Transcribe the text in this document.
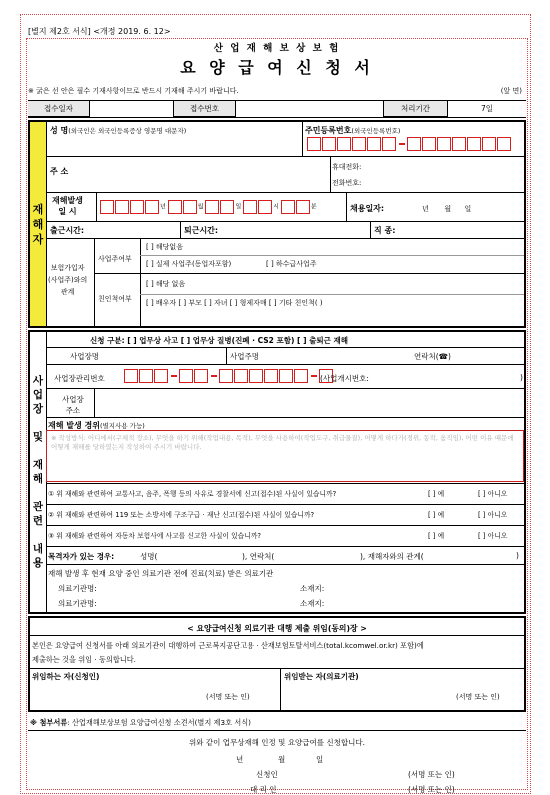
[별지 제2호 서식] <개정 2019. 6. 12>
산 업 재 해 보 상 보 험
요 양 급 여 신 청 서
※ 굵은 선 안은 필수 기재사항이므로 반드시 기재해 주시기 바랍니다.	(앞 면)
접수일자	접수번호	처리기간	7일
재
해
자
성 명(외국인은 외국인등록증상 영문명 대문자)	주민등록번호(외국인등록번호)
주 소	휴대전화:
전화번호:
재해발생
일 시	년	월	일	시	분	채용일자:	년 월 일
출근시간:	퇴근시간:	직 종:
보험가입자
(사업주)와의
관계
사업주여부
[ ] 해당없음
[ ] 실제 사업주(동업자포함)	[ ] 하수급사업주
친인척여부
[ ] 해당 없음
[ ] 배우자 [ ] 부모 [ ] 자녀 [ ] 형제자매 [ ] 기타 친인척( )
사
업
장

및

재
해

관
련

내
용
신청 구분: [ ] 업무상 사고 [ ] 업무상 질병(진폐 · CS2 포함) [ ] 출퇴근 재해
사업장명	사업주명	연락처(☎)
사업장관리번호	(사업개시번호:	)
사업장
주소
재해 발생 경위(별지사용 가능)
※ 작성방식: 어디에서(구체적 장소), 무엇을 하기 위해(작업내용, 목적), 무엇을 사용하여(작업도구, 취급물질), 어떻게 하다가(경위, 동작, 움직임), 어떤 이유 때문에 어떻게 재해를 당하였는지 작성하여 주시기 바랍니다.
① 위 재해와 관련하여 교통사고, 음주, 폭행 등의 사유로 경찰서에 신고(접수)된 사실이 있습니까?	[ ] 예	[ ] 아니오
② 위 재해와 관련하여 119 또는 소방서에 구조구급 · 재난 신고(접수)된 사실이 있습니까?	[ ] 예	[ ] 아니오
③ 위 재해와 관련하여 자동차 보험사에 사고를 신고한 사실이 있습니까?	[ ] 예	[ ] 아니오
목격자가 있는 경우:	성명(	), 연락처(	), 재해자와의 관계(	)
재해 발생 후 현재 요양 중인 의료기관 전에 진료(치료) 받은 의료기관
의료기관명:	소재지:
의료기관명:	소재지:
< 요양급여신청 의료기관 대행 제출 위임(동의)장 >
본인은 요양급여 신청서를 아래 의료기관이 대행하여 근로복지공단고용 · 산재보험토탈서비스(total.kcomwel.or.kr) 포함)에
제출하는 것을 위임 · 동의합니다.
위임하는 자(신청인)
(서명 또는 인)
위임받는 자(의료기관)
(서명 또는 인)
※ 첨부서류: 산업재해보상보험 요양급여신청 소견서(별지 제3호 서식)
위와 같이 업무상재해 인정 및 요양급여를 신청합니다.
년	월	일
신청인	(서명 또는 인)
대 리 인	(서명 또는 인)
